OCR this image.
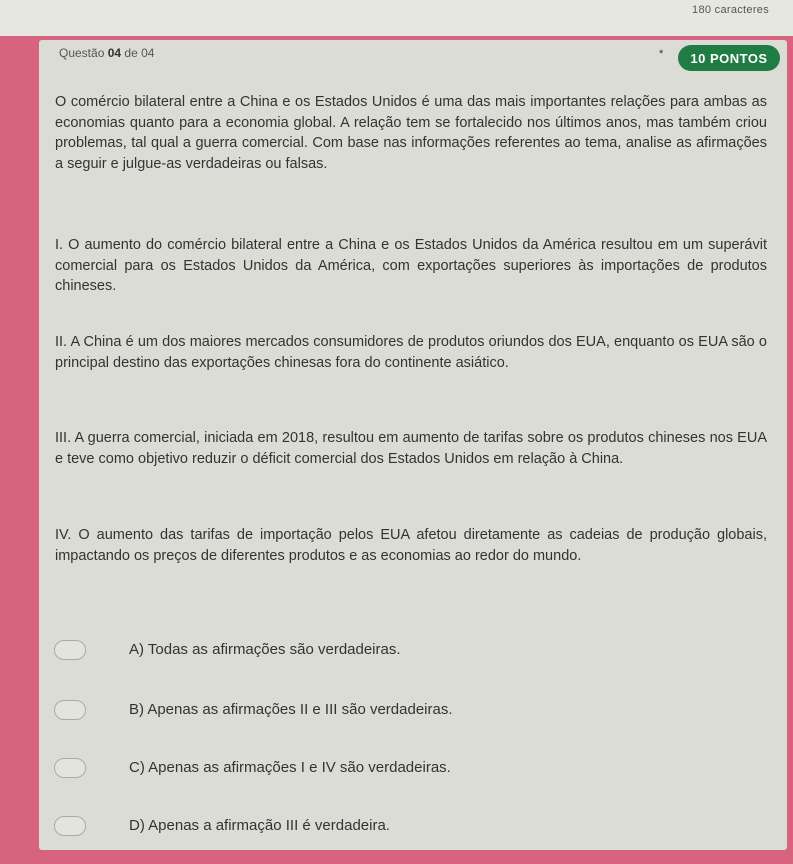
180 caracteres
Questão 04 de 04	*	10 PONTOS

O comércio bilateral entre a China e os Estados Unidos é uma das mais importantes relações para ambas as economias quanto para a economia global. A relação tem se fortalecido nos últimos anos, mas também criou problemas, tal qual a guerra comercial. Com base nas informações referentes ao tema, analise as afirmações a seguir e julgue-as verdadeiras ou falsas.

I. O aumento do comércio bilateral entre a China e os Estados Unidos da América resultou em um superávit comercial para os Estados Unidos da América, com exportações superiores às importações de produtos chineses.

II. A China é um dos maiores mercados consumidores de produtos oriundos dos EUA, enquanto os EUA são o principal destino das exportações chinesas fora do continente asiático.

III. A guerra comercial, iniciada em 2018, resultou em aumento de tarifas sobre os produtos chineses nos EUA e teve como objetivo reduzir o déficit comercial dos Estados Unidos em relação à China.

IV. O aumento das tarifas de importação pelos EUA afetou diretamente as cadeias de produção globais, impactando os preços de diferentes produtos e as economias ao redor do mundo.

A) Todas as afirmações são verdadeiras.
B) Apenas as afirmações II e III são verdadeiras.
C) Apenas as afirmações I e IV são verdadeiras.
D) Apenas a afirmação III é verdadeira.
